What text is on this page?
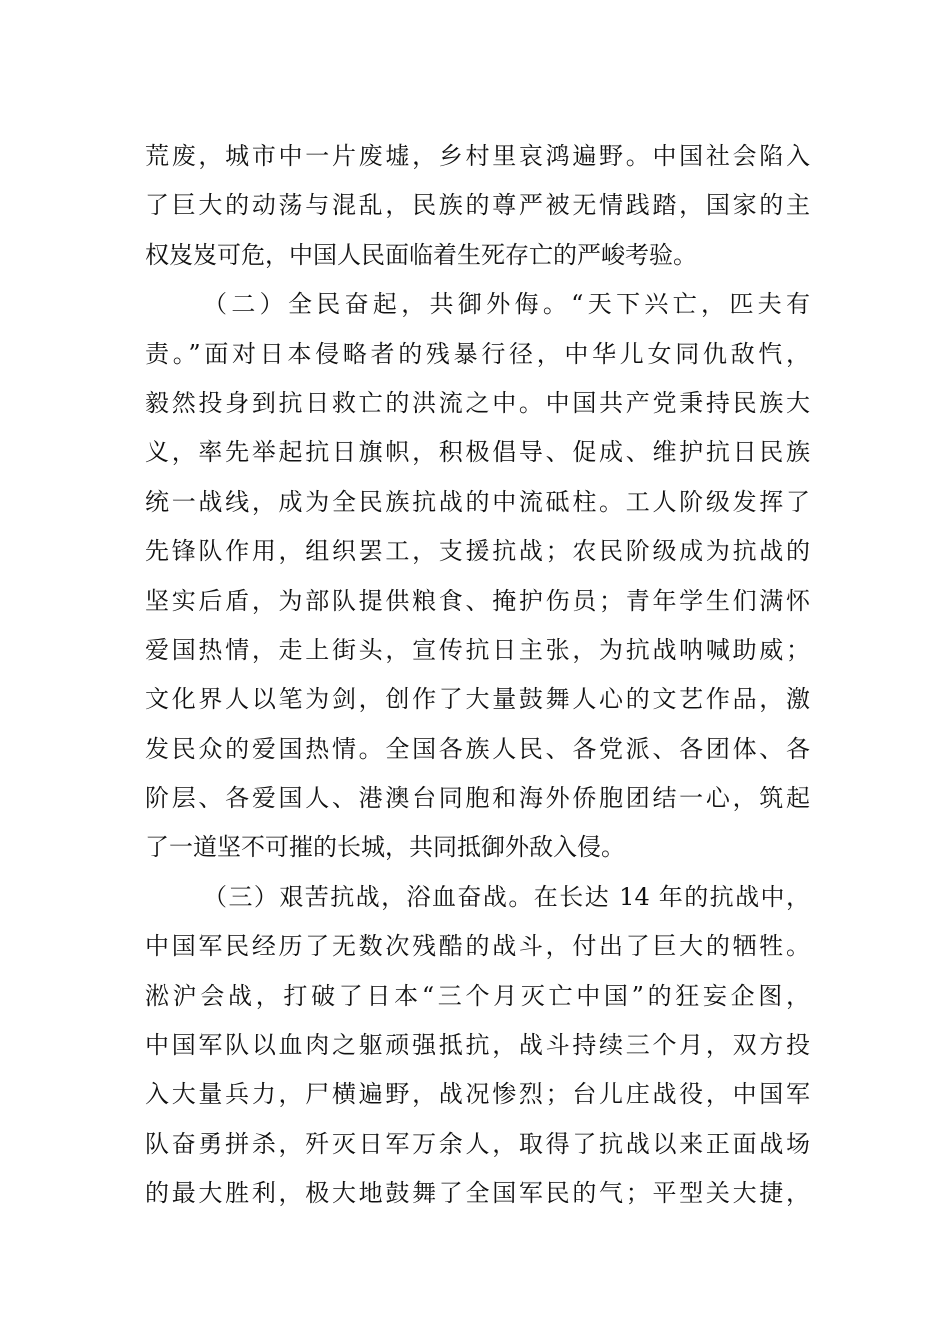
荒废，城市中一片废墟，乡村里哀鸿遍野。中国社会陷入
了巨大的动荡与混乱，民族的尊严被无情践踏，国家的主
权岌岌可危，中国人民面临着生死存亡的严峻考验。
（二）全民奋起，共御外侮。“天下兴亡，匹夫有
责。”面对日本侵略者的残暴行径，中华儿女同仇敌忾，
毅然投身到抗日救亡的洪流之中。中国共产党秉持民族大
义，率先举起抗日旗帜，积极倡导、促成、维护抗日民族
统一战线，成为全民族抗战的中流砥柱。工人阶级发挥了
先锋队作用，组织罢工，支援抗战；农民阶级成为抗战的
坚实后盾，为部队提供粮食、掩护伤员；青年学生们满怀
爱国热情，走上街头，宣传抗日主张，为抗战呐喊助威；
文化界人以笔为剑，创作了大量鼓舞人心的文艺作品，激
发民众的爱国热情。全国各族人民、各党派、各团体、各
阶层、各爱国人、港澳台同胞和海外侨胞团结一心，筑起
了一道坚不可摧的长城，共同抵御外敌入侵。
（三）艰苦抗战，浴血奋战。在长达 14 年的抗战中，
中国军民经历了无数次残酷的战斗，付出了巨大的牺牲。
淞沪会战，打破了日本“三个月灭亡中国”的狂妄企图，
中国军队以血肉之躯顽强抵抗，战斗持续三个月，双方投
入大量兵力，尸横遍野，战况惨烈；台儿庄战役，中国军
队奋勇拼杀，歼灭日军万余人，取得了抗战以来正面战场
的最大胜利，极大地鼓舞了全国军民的气；平型关大捷，
